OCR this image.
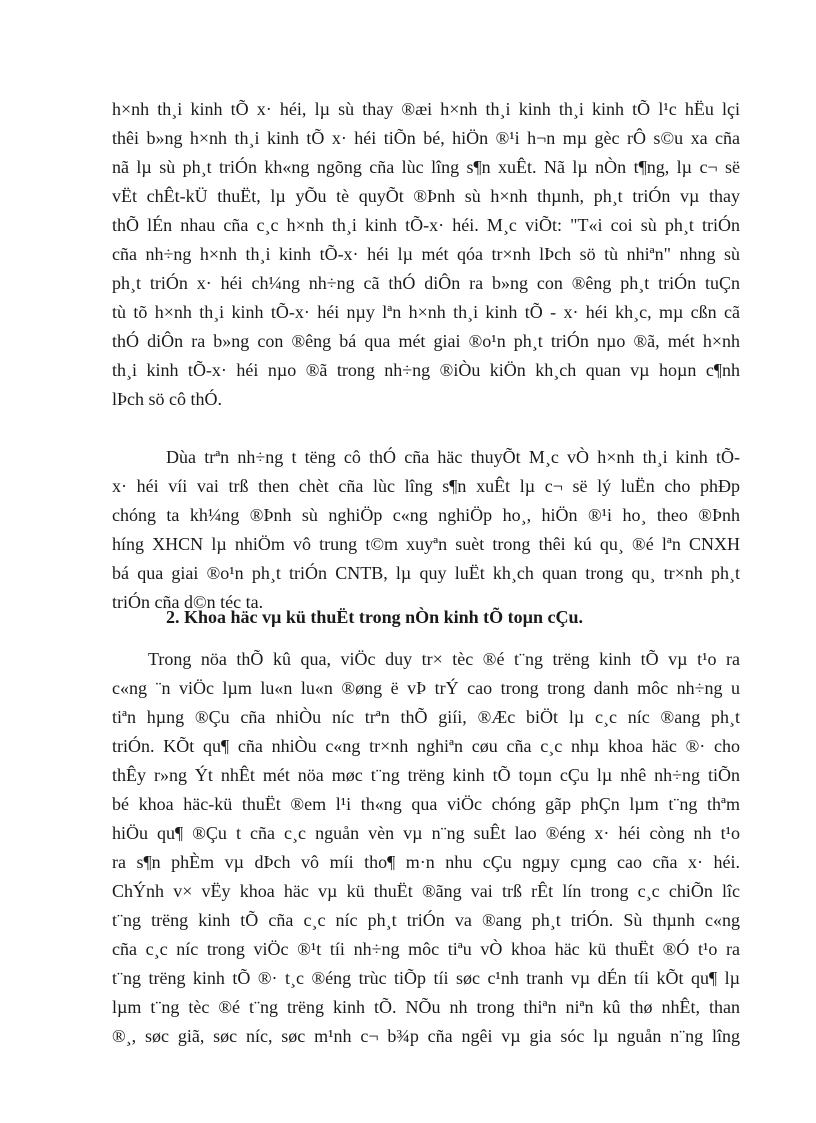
h×nh th¸i kinh tÕ x· héi, lµ sù thay ®æi h×nh th¸i kinh th¸i kinh tÕ l¹c hËu lçi
thêi b»ng h×nh th¸i kinh tÕ x· héi tiÕn bé, hiÖn ®¹i h¬n mµ gèc rÔ s©u xa cña
nã lµ sù ph¸t triÓn kh«ng ngõng cña lùc lîng s¶n xuÊt. Nã lµ nÒn t¶ng, lµ c¬ së
vËt chÊt-kÜ thuËt, lµ yÕu tè quyÕt ®Þnh sù h×nh thµnh, ph¸t triÓn vµ thay
thÕ lÉn nhau cña c¸c h×nh th¸i kinh tÕ-x· héi. M¸c viÕt: "T«i coi sù ph¸t triÓn
cña nh÷ng h×nh th¸i kinh tÕ-x· héi lµ mét qóa tr×nh lÞch sö tù nhiªn" nhng sù
ph¸t triÓn x· héi ch¼ng nh÷ng cã thÓ diÔn ra b»ng con ®êng ph¸t triÓn tuÇn
tù tõ h×nh th¸i kinh tÕ-x· héi nµy lªn h×nh th¸i kinh tÕ - x· héi kh¸c, mµ cßn cã
thÓ diÔn ra b»ng con ®êng bá qua mét giai ®o¹n ph¸t triÓn nµo ®ã, mét h×nh
th¸i kinh tÕ-x· héi nµo ®ã trong nh÷ng ®iÒu kiÖn kh¸ch quan vµ hoµn c¶nh
lÞch sö cô thÓ.
Dùa trªn nh÷ng t tëng cô thÓ cña häc thuyÕt M¸c vÒ h×nh th¸i kinh tÕ-
x· héi víi vai trß then chèt cña lùc lîng s¶n xuÊt lµ c¬ së lý luËn cho phÐp
chóng ta kh¼ng ®Þnh sù nghiÖp c«ng nghiÖp ho¸, hiÖn ®¹i ho¸ theo ®Þnh
híng XHCN lµ nhiÖm vô trung t©m xuyªn suèt trong thêi kú qu¸ ®é lªn CNXH
bá qua giai ®o¹n ph¸t triÓn CNTB, lµ quy luËt kh¸ch quan trong qu¸ tr×nh ph¸t
triÓn cña d©n téc ta.
2. Khoa häc vµ kü thuËt trong nÒn kinh tÕ toµn cÇu.
Trong nöa thÕ kû qua, viÖc duy tr× tèc ®é t¨ng trëng kinh tÕ vµ t¹o ra
c«ng ¨n viÖc lµm lu«n lu«n ®øng ë vÞ trÝ cao trong trong danh môc nh÷ng u
tiªn hµng ®Çu cña nhiÒu níc trªn thÕ giíi, ®Æc biÖt lµ c¸c níc ®ang ph¸t
triÓn. KÕt qu¶ cña nhiÒu c«ng tr×nh nghiªn cøu cña c¸c nhµ khoa häc ®· cho
thÊy r»ng Ýt nhÊt mét nöa møc t¨ng trëng kinh tÕ toµn cÇu lµ nhê nh÷ng tiÕn
bé khoa häc-kü thuËt ®em l¹i th«ng qua viÖc chóng gãp phÇn lµm t¨ng thªm
hiÖu qu¶ ®Çu t cña c¸c nguån vèn vµ n¨ng suÊt lao ®éng x· héi còng nh t¹o
ra s¶n phÈm vµ dÞch vô míi tho¶ m·n nhu cÇu ngµy cµng cao cña x· héi.
ChÝnh v× vËy khoa häc vµ kü thuËt ®ãng vai trß rÊt lín trong c¸c chiÕn lîc
t¨ng trëng kinh tÕ cña c¸c níc ph¸t triÓn va ®ang ph¸t triÓn. Sù thµnh c«ng
cña c¸c níc trong viÖc ®¹t tíi nh÷ng môc tiªu vÒ khoa häc kü thuËt ®Ó t¹o ra
t¨ng trëng kinh tÕ ®· t¸c ®éng trùc tiÕp tíi søc c¹nh tranh vµ dÉn tíi kÕt qu¶ lµ
lµm t¨ng tèc ®é t¨ng trëng kinh tÕ. NÕu nh trong thiªn niªn kû thø nhÊt, than
®¸, søc giã, søc níc, søc m¹nh c¬ b¾p cña ngêi vµ gia sóc lµ nguån n¨ng lîng
